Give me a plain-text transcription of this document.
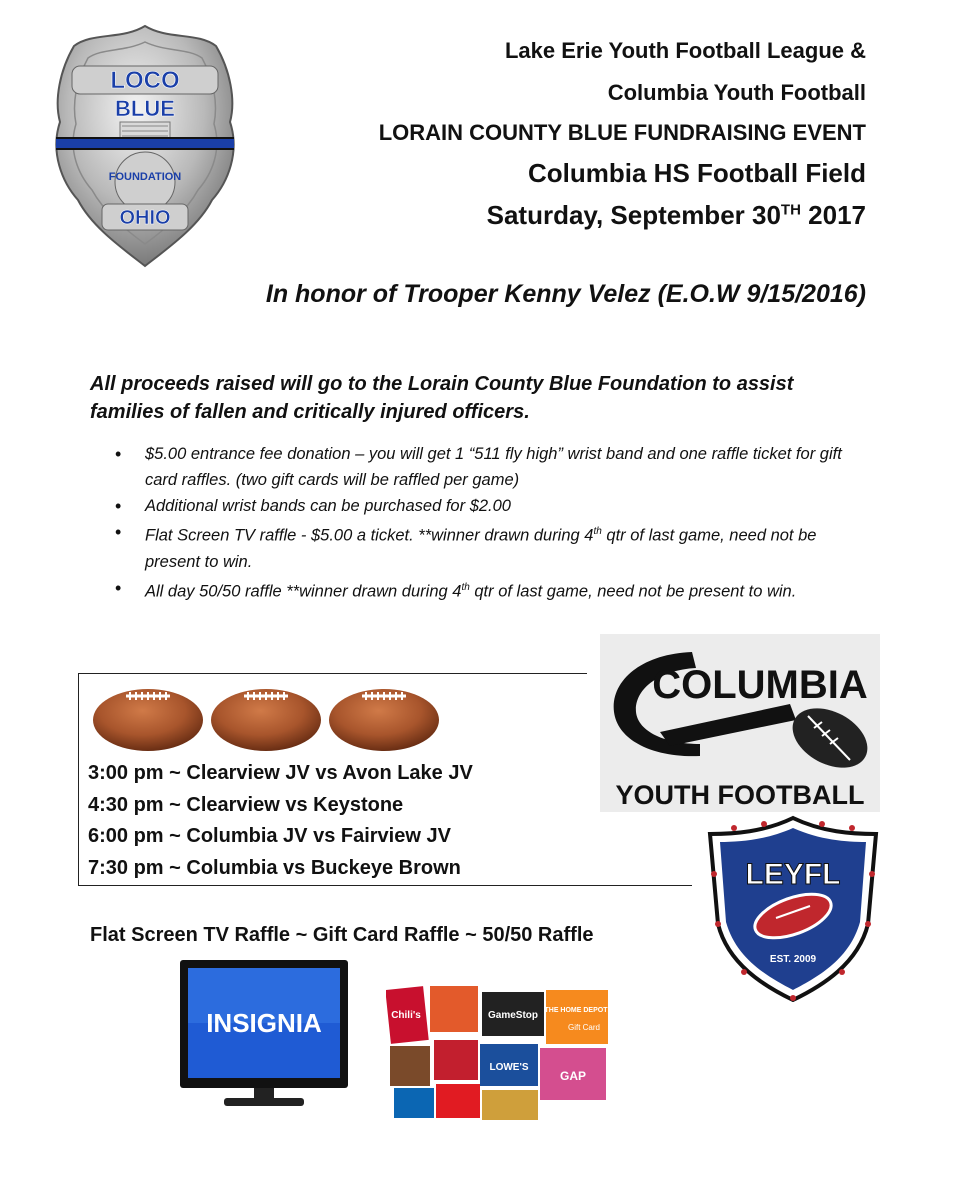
LOCO
BLUE
FOUNDATION
OHIO
Lake Erie Youth Football League &
Columbia Youth Football
LORAIN COUNTY BLUE FUNDRAISING EVENT
Columbia HS Football Field
Saturday, September 30TH 2017
In honor of Trooper Kenny Velez (E.O.W 9/15/2016)
All proceeds raised will go to the Lorain County Blue Foundation to assist families of fallen and critically injured officers.
• $5.00 entrance fee donation – you will get 1 “511 fly high” wrist band and one raffle ticket for gift card raffles. (two gift cards will be raffled per game)
• Additional wrist bands can be purchased for $2.00
• Flat Screen TV raffle - $5.00 a ticket. **winner drawn during 4th qtr of last game, need not be present to win.
• All day 50/50 raffle **winner drawn during 4th qtr of last game, need not be present to win.
3:00 pm ~ Clearview JV vs Avon Lake JV
4:30 pm ~ Clearview vs Keystone
6:00 pm ~ Columbia JV vs Fairview JV
7:30 pm ~ Columbia vs Buckeye Brown
COLUMBIA
YOUTH FOOTBALL
LEYFL
EST. 2009
Flat Screen TV Raffle ~ Gift Card Raffle ~ 50/50 Raffle
INSIGNIA	Chili's	GameStop THE HOME DEPOT
Gift Card
LOWE'S
GAP
